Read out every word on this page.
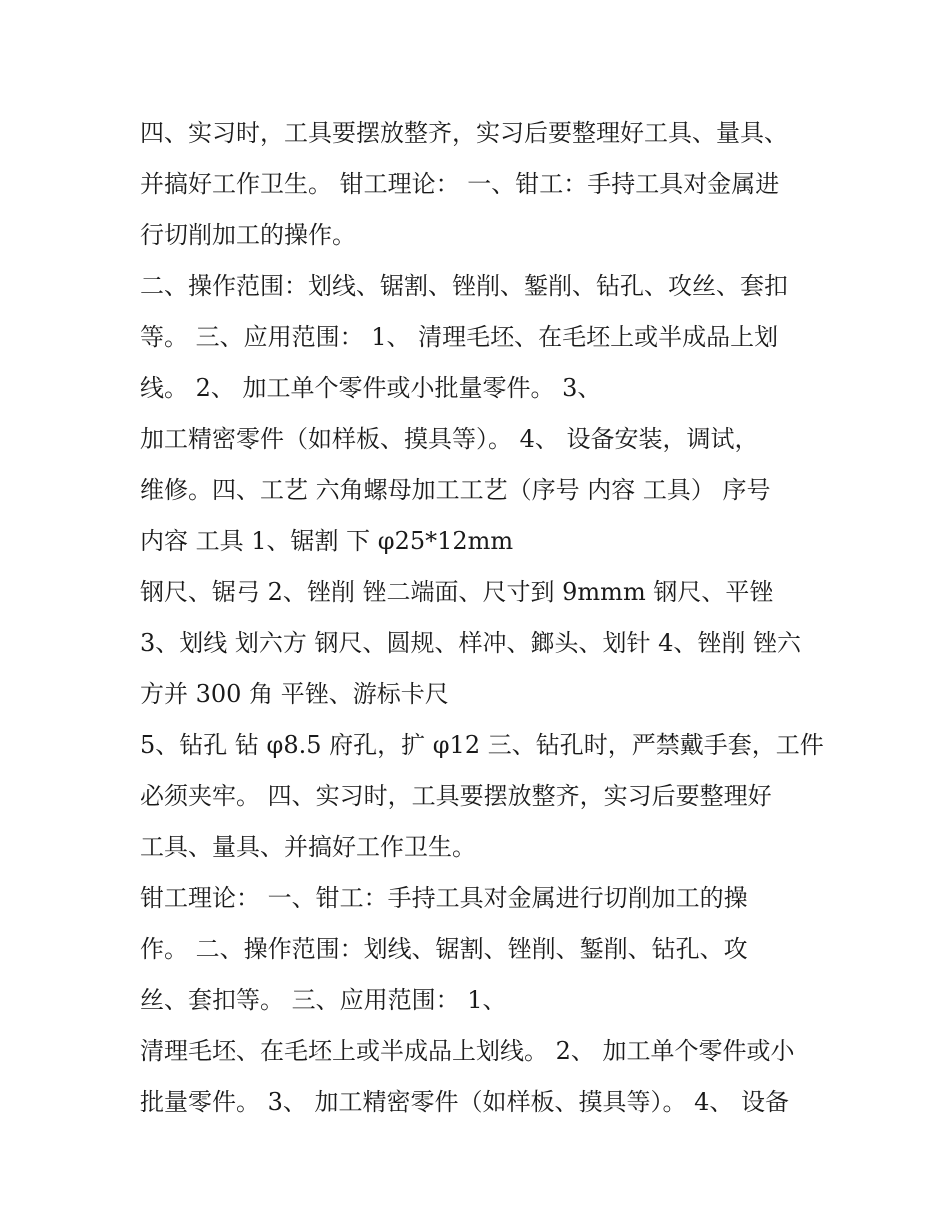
四、实习时，工具要摆放整齐，实习后要整理好工具、量具、
并搞好工作卫生。 钳工理论： 一、钳工：手持工具对金属进
行切削加工的操作。
二、操作范围：划线、锯割、锉削、錾削、钻孔、攻丝、套扣
等。 三、应用范围： 1、 清理毛坯、在毛坯上或半成品上划
线。 2、 加工单个零件或小批量零件。 3、
加工精密零件（如样板、摸具等）。 4、 设备安装，调试，
维修。四、工艺 六角螺母加工工艺（序号 内容 工具） 序号
内容 工具 1、锯割 下 φ25*12mm
钢尺、锯弓 2、锉削 锉二端面、尺寸到 9mmm 钢尺、平锉
3、划线 划六方 钢尺、圆规、样冲、鎯头、划针 4、锉削 锉六
方并 300 角 平锉、游标卡尺
5、钻孔 钻 φ8.5 府孔，扩 φ12 三、钻孔时，严禁戴手套，工件
必须夹牢。 四、实习时，工具要摆放整齐，实习后要整理好
工具、量具、并搞好工作卫生。
钳工理论： 一、钳工：手持工具对金属进行切削加工的操
作。 二、操作范围：划线、锯割、锉削、錾削、钻孔、攻
丝、套扣等。 三、应用范围： 1、
清理毛坯、在毛坯上或半成品上划线。 2、 加工单个零件或小
批量零件。 3、 加工精密零件（如样板、摸具等）。 4、 设备
